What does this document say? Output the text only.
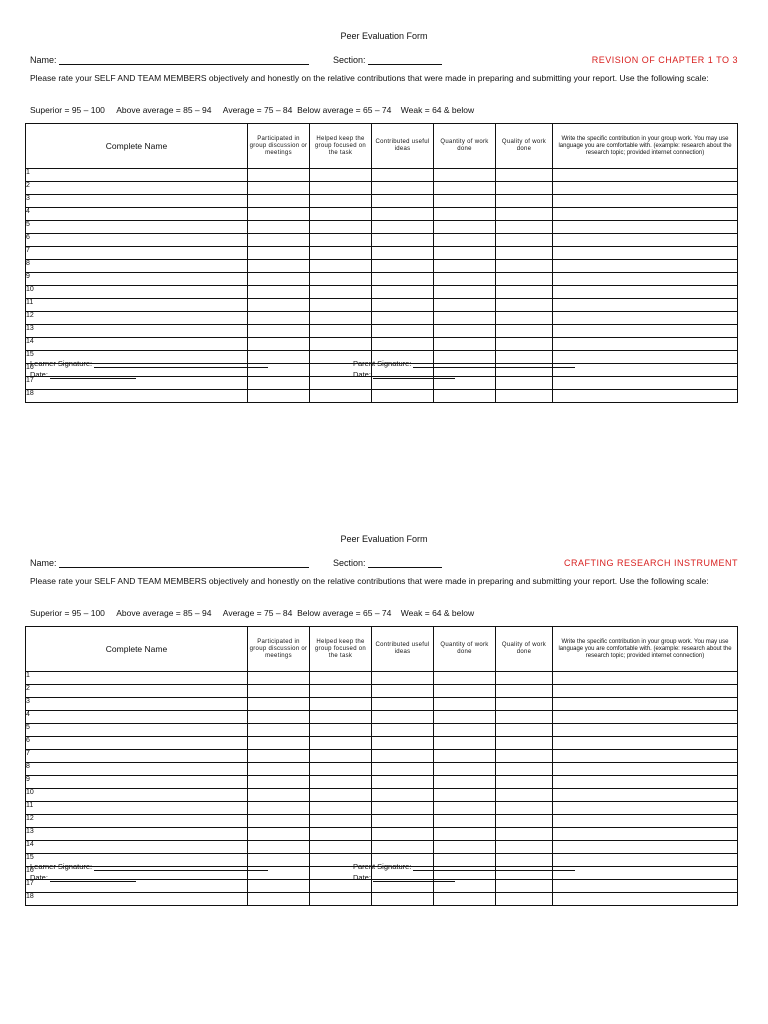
Peer Evaluation Form
Name:	Section:	REVISION OF CHAPTER 1 TO 3
Please rate your SELF AND TEAM MEMBERS objectively and honestly on the relative contributions that were made in preparing and submitting your report. Use the following scale:
Superior = 95 – 100     Above average = 85 – 94     Average = 75 – 84  Below average = 65 – 74    Weak = 64 & below
Complete Name	Participated in group discussion or meetings	Helped keep the group focused on the task	Contributed useful ideas	Quantity of work done	Quality of work done	Write the specific contribution in your group work. You may use language you are comfortable with. (example: research about the research topic; provided internet connection)
1						
2						
3						
4						
5						
6						
7						
8						
9						
10						
11						
12						
13						
14						
15						
16						
17						
18						
Learner Signature:
Date:
Parent Signature:
Date:
Peer Evaluation Form
Name:	Section:	CRAFTING RESEARCH INSTRUMENT
Please rate your SELF AND TEAM MEMBERS objectively and honestly on the relative contributions that were made in preparing and submitting your report. Use the following scale:
Superior = 95 – 100     Above average = 85 – 94     Average = 75 – 84  Below average = 65 – 74    Weak = 64 & below
Complete Name	Participated in group discussion or meetings	Helped keep the group focused on the task	Contributed useful ideas	Quantity of work done	Quality of work done	Write the specific contribution in your group work. You may use language you are comfortable with. (example: research about the research topic; provided internet connection)
1						
2						
3						
4						
5						
6						
7						
8						
9						
10						
11						
12						
13						
14						
15						
16						
17						
18						
Learner Signature:
Date:
Parent Signature:
Date:
